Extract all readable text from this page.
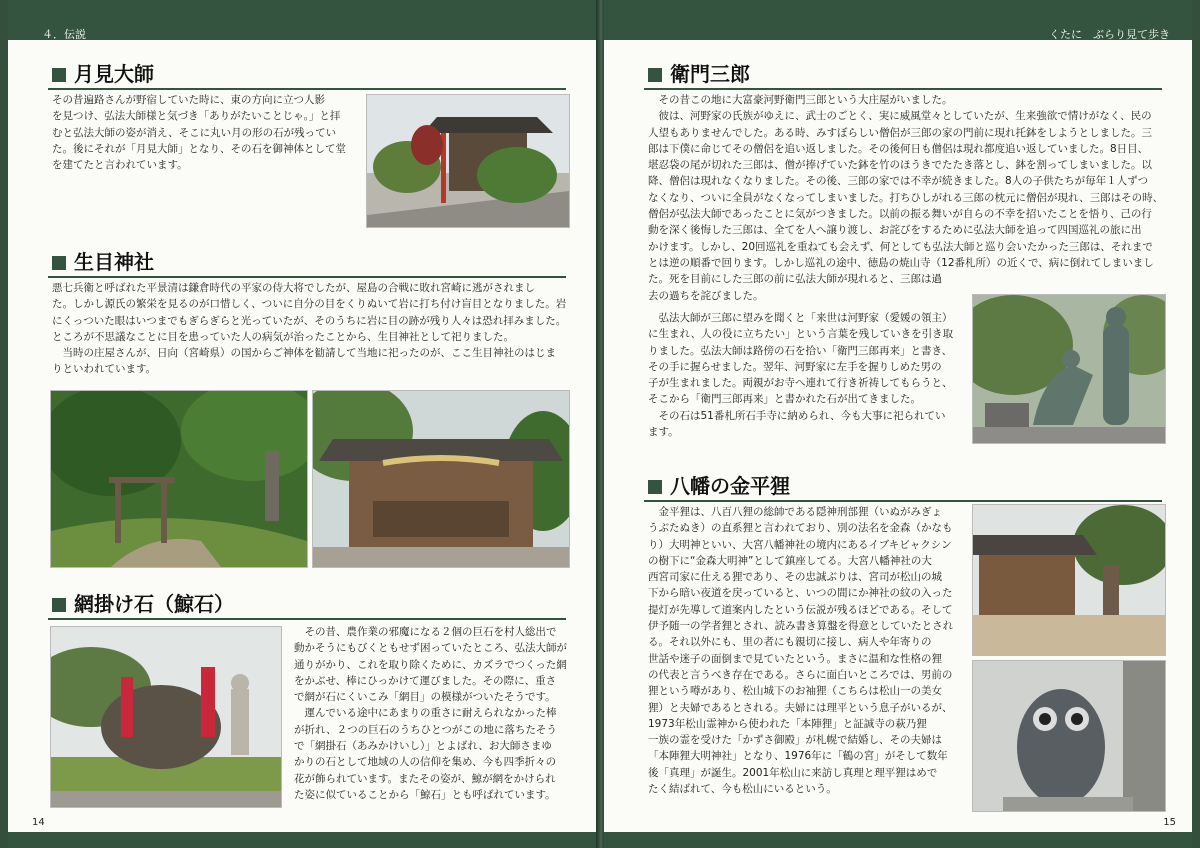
４．伝説
月見大師
その昔遍路さんが野宿していた時に、東の方向に立つ人影
を見つけ、弘法大師様と気づき「ありがたいことじゃ。」と拝
むと弘法大師の姿が消え、そこに丸い月の形の石が残ってい
た。後にそれが「月見大師」となり、その石を御神体として堂
を建てたと言われています。
生目神社
悪七兵衛と呼ばれた平景清は鎌倉時代の平家の侍大将でしたが、屋島の合戦に敗れ宮崎に逃がされまし
た。しかし源氏の繁栄を見るのが口惜しく、ついに自分の目をくりぬいて岩に打ち付け盲目となりました。岩
にくっついた眼はいつまでもぎらぎらと光っていたが、そのうちに岩に目の跡が残り人々は恐れ拝みました。
ところが不思議なことに目を患っていた人の病気が治ったことから、生目神社として祀りました。
　当時の庄屋さんが、日向（宮崎県）の国からご神体を勧請して当地に祀ったのが、ここ生目神社のはじま
りといわれています。
網掛け石（鯨石）
　その昔、農作業の邪魔になる２個の巨石を村人総出で
動かそうにもびくともせず困っていたところ、弘法大師が
通りがかり、これを取り除くために、カズラでつくった網
をかぶせ、棒にひっかけて運びました。その際に、重さ
で網が石にくいこみ「網目」の模様がついたそうです。
　運んでいる途中にあまりの重さに耐えられなかった棒
が折れ、２つの巨石のうちひとつがこの地に落ちたそう
で「網掛石（あみかけいし）」とよばれ、お大師さまゆ
かりの石として地域の人の信仰を集め、今も四季折々の
花が飾られています。またその姿が、鯨が網をかけられ
た姿に似ていることから「鯨石」とも呼ばれています。
14
くたに　ぶらり見て歩き
衛門三郎
　その昔この地に大富豪河野衛門三郎という大庄屋がいました。
　彼は、河野家の氏族がゆえに、武士のごとく、実に威風堂々としていたが、生来強欲で情けがなく、民の
人望もありませんでした。ある時、みすぼらしい僧侶が三郎の家の門前に現れ托鉢をしようとしました。三
郎は下僕に命じてその僧侶を追い返しました。その後何日も僧侶は現れ都度追い返していました。8日目、
堪忍袋の尾が切れた三郎は、僧が捧げていた鉢を竹のほうきでたたき落とし、鉢を割ってしまいました。以
降、僧侶は現れなくなりました。その後、三郎の家では不幸が続きました。8人の子供たちが毎年１人ずつ
なくなり、ついに全員がなくなってしまいました。打ちひしがれる三郎の枕元に僧侶が現れ、三郎はその時、
僧侶が弘法大師であったことに気がつきました。以前の振る舞いが自らの不幸を招いたことを悟り、己の行
動を深く後悔した三郎は、全てを人へ譲り渡し、お詫びをするために弘法大師を追って四国巡礼の旅に出
かけます。しかし、20回巡礼を重ねても会えず、何としても弘法大師と巡り会いたかった三郎は、それまで
とは逆の順番で回ります。しかし巡礼の途中、徳島の焼山寺（12番札所）の近くで、病に倒れてしまいまし
た。死を目前にした三郎の前に弘法大師が現れると、三郎は過
去の過ちを詫びました。
　弘法大師が三郎に望みを聞くと「来世は河野家（愛媛の領主）
に生まれ、人の役に立ちたい」という言葉を残していきを引き取
りました。弘法大師は路傍の石を拾い「衛門三郎再来」と書き、
その手に握らせました。翌年、河野家に左手を握りしめた男の
子が生まれました。両親がお寺へ連れて行き祈祷してもらうと、
そこから「衛門三郎再来」と書かれた石が出てきました。
　その石は51番札所石手寺に納められ、今も大事に祀られてい
ます。
八幡の金平狸
　金平狸は、八百八狸の総帥である隠神刑部狸（いぬがみぎょ
うぶたぬき）の直系狸と言われており、別の法名を金森（かなも
り）大明神といい、大宮八幡神社の境内にあるイブキビャクシン
の樹下に“金森大明神”として鎮座してる。大宮八幡神社の大
西宮司家に仕える狸であり、その忠誠ぶりは、宮司が松山の城
下から暗い夜道を戻っていると、いつの間にか神社の紋の入った
提灯が先導して道案内したという伝説が残るほどである。そして
伊予随一の学者狸とされ、読み書き算盤を得意としていたとされ
る。それ以外にも、里の者にも親切に接し、病人や年寄りの
世話や迷子の面倒まで見ていたという。まさに温和な性格の狸
の代表と言うべき存在である。さらに面白いところでは、男前の
狸という噂があり、松山城下のお袖狸（こちらは松山一の美女
狸）と夫婦であるとされる。夫婦には理平という息子がいるが、
1973年松山霊神から使われた「本陣狸」と証誠寺の萩乃狸
一族の霊を受けた「かずさ御殿」が札幌で結婚し、その夫婦は
「本陣狸大明神社」となり、1976年に「鶴の宮」がそして数年
後「真理」が誕生。2001年松山に来訪し真理と理平狸はめで
たく結ばれて、今も松山にいるという。
15
